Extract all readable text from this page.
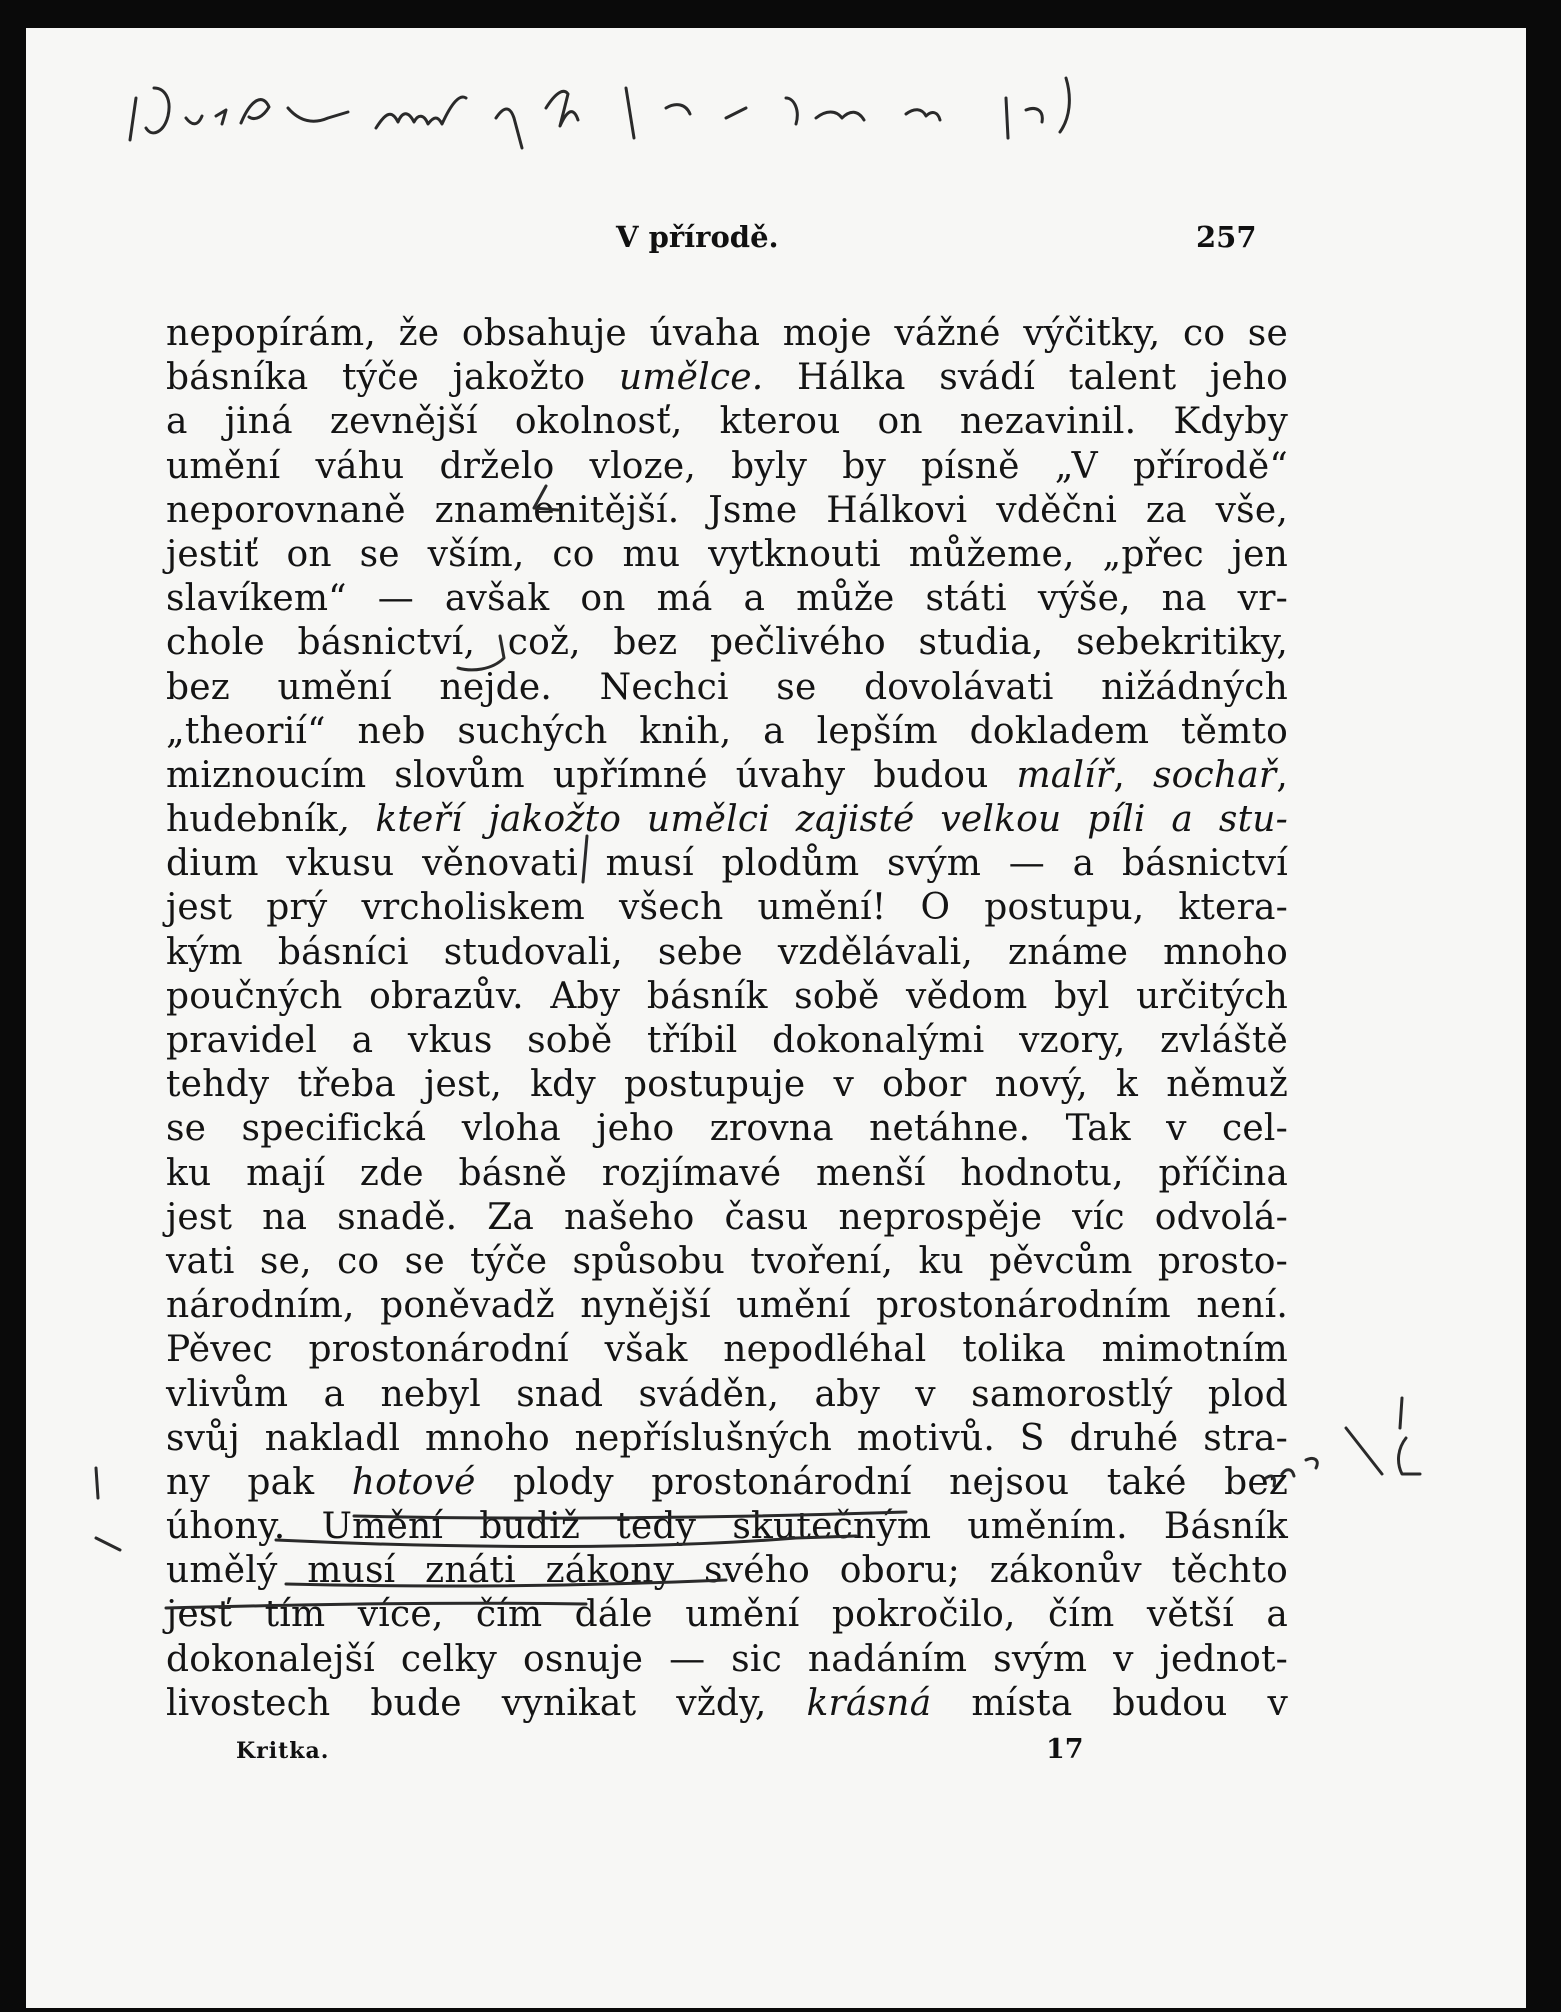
V přírodě.	257
nepopírám, že obsahuje úvaha moje vážné výčitky, co se
básníka týče jakožto umělce. Hálka svádí talent jeho
a jiná zevnější okolnosť, kterou on nezavinil. Kdyby
umění váhu drželo vloze, byly by písně „V přírodě“
neporovnaně znamenitější. Jsme Hálkovi vděčni za vše,
jestiť on se vším, co mu vytknouti můžeme, „přec jen
slavíkem“ — avšak on má a může státi výše, na vr-
chole básnictví, což, bez pečlivého studia, sebekritiky,
bez umění nejde. Nechci se dovolávati nižádných
„theorií“ neb suchých knih, a lepším dokladem těmto
miznoucím slovům upřímné úvahy budou malíř, sochař,
hudebník, kteří jakožto umělci zajisté velkou píli a stu-
dium vkusu věnovati musí plodům svým — a básnictví
jest prý vrcholiskem všech umění! O postupu, ktera-
kým básníci studovali, sebe vzdělávali, známe mnoho
poučných obrazův. Aby básník sobě vědom byl určitých
pravidel a vkus sobě tříbil dokonalými vzory, zvláště
tehdy třeba jest, kdy postupuje v obor nový, k němuž
se specifická vloha jeho zrovna netáhne. Tak v cel-
ku mají zde básně rozjímavé menší hodnotu, příčina
jest na snadě. Za našeho času neprospěje víc odvolá-
vati se, co se týče spůsobu tvoření, ku pěvcům prosto-
národním, poněvadž nynější umění prostonárodním není.
Pěvec prostonárodní však nepodléhal tolika mimotním
vlivům a nebyl snad sváděn, aby v samorostlý plod
svůj nakladl mnoho nepříslušných motivů. S druhé stra-
ny pak hotové plody prostonárodní nejsou také bez
úhony. Umění budiž tedy skutečným uměním. Básník
umělý musí znáti zákony svého oboru; zákonův těchto
jesť tím více, čím dále umění pokročilo, čím větší a
dokonalejší celky osnuje — sic nadáním svým v jednot-
livostech bude vynikat vždy, krásná místa budou v
Kritka.	17
